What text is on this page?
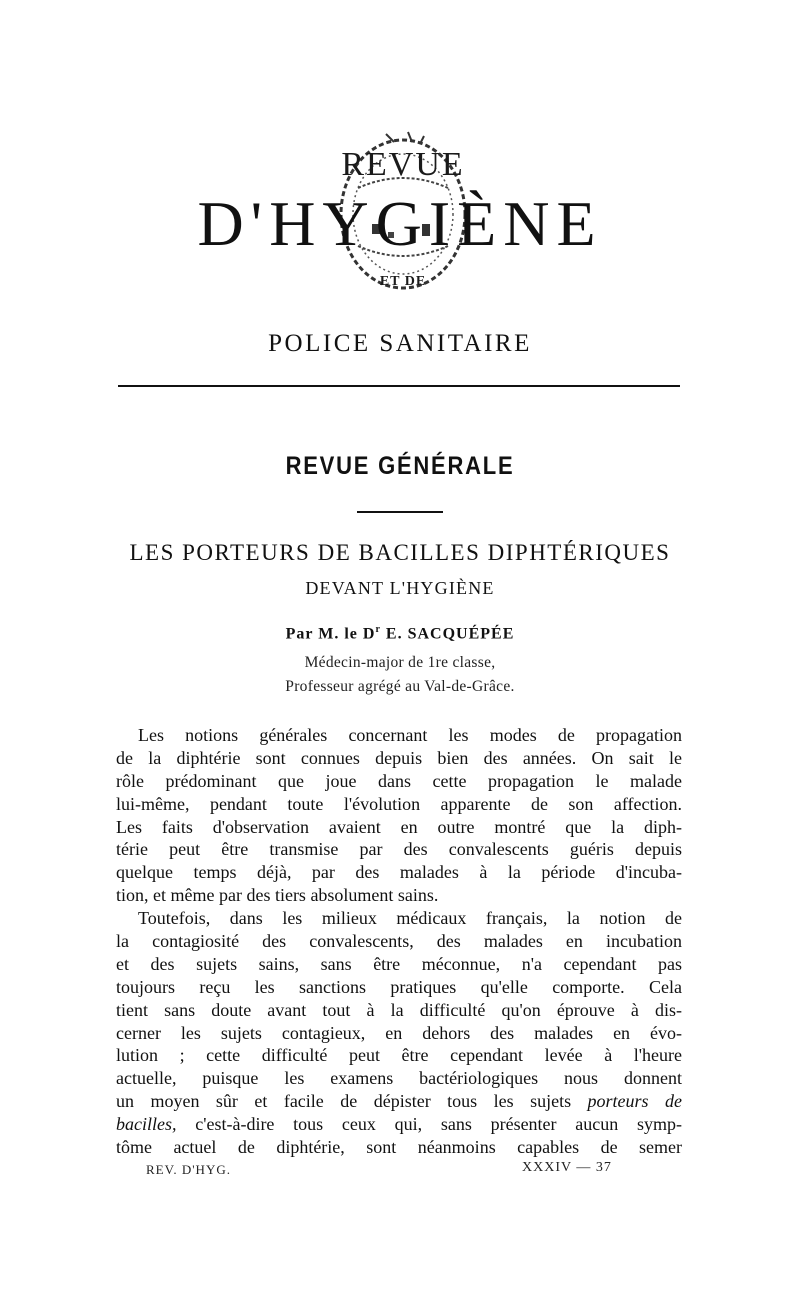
REVUE
ET DE
D'HYGIÈNE
POLICE SANITAIRE
REVUE GÉNÉRALE
LES PORTEURS DE BACILLES DIPHTÉRIQUES
DEVANT L'HYGIÈNE
Par M. le $D^r$ E. SACQUÉPÉE
Médecin-major de 1re classe,
Professeur agrégé au Val-de-Grâce.
Les notions générales concernant les modes de propagation
de la diphtérie sont connues depuis bien des années. On sait le
rôle prédominant que joue dans cette propagation le malade
lui-même, pendant toute l'évolution apparente de son affection.
Les faits d'observation avaient en outre montré que la diph-
térie peut être transmise par des convalescents guéris depuis
quelque temps déjà, par des malades à la période d'incuba-
tion, et même par des tiers absolument sains.
Toutefois, dans les milieux médicaux français, la notion de
la contagiosité des convalescents, des malades en incubation
et des sujets sains, sans être méconnue, n'a cependant pas
toujours reçu les sanctions pratiques qu'elle comporte. Cela
tient sans doute avant tout à la difficulté qu'on éprouve à dis-
cerner les sujets contagieux, en dehors des malades en évo-
lution ; cette difficulté peut être cependant levée à l'heure
actuelle, puisque les examens bactériologiques nous donnent
un moyen sûr et facile de dépister tous les sujets porteurs de
bacilles, c'est-à-dire tous ceux qui, sans présenter aucun symp-
tôme actuel de diphtérie, sont néanmoins capables de semer
REV. D'HYG.	XXXIV — 37
